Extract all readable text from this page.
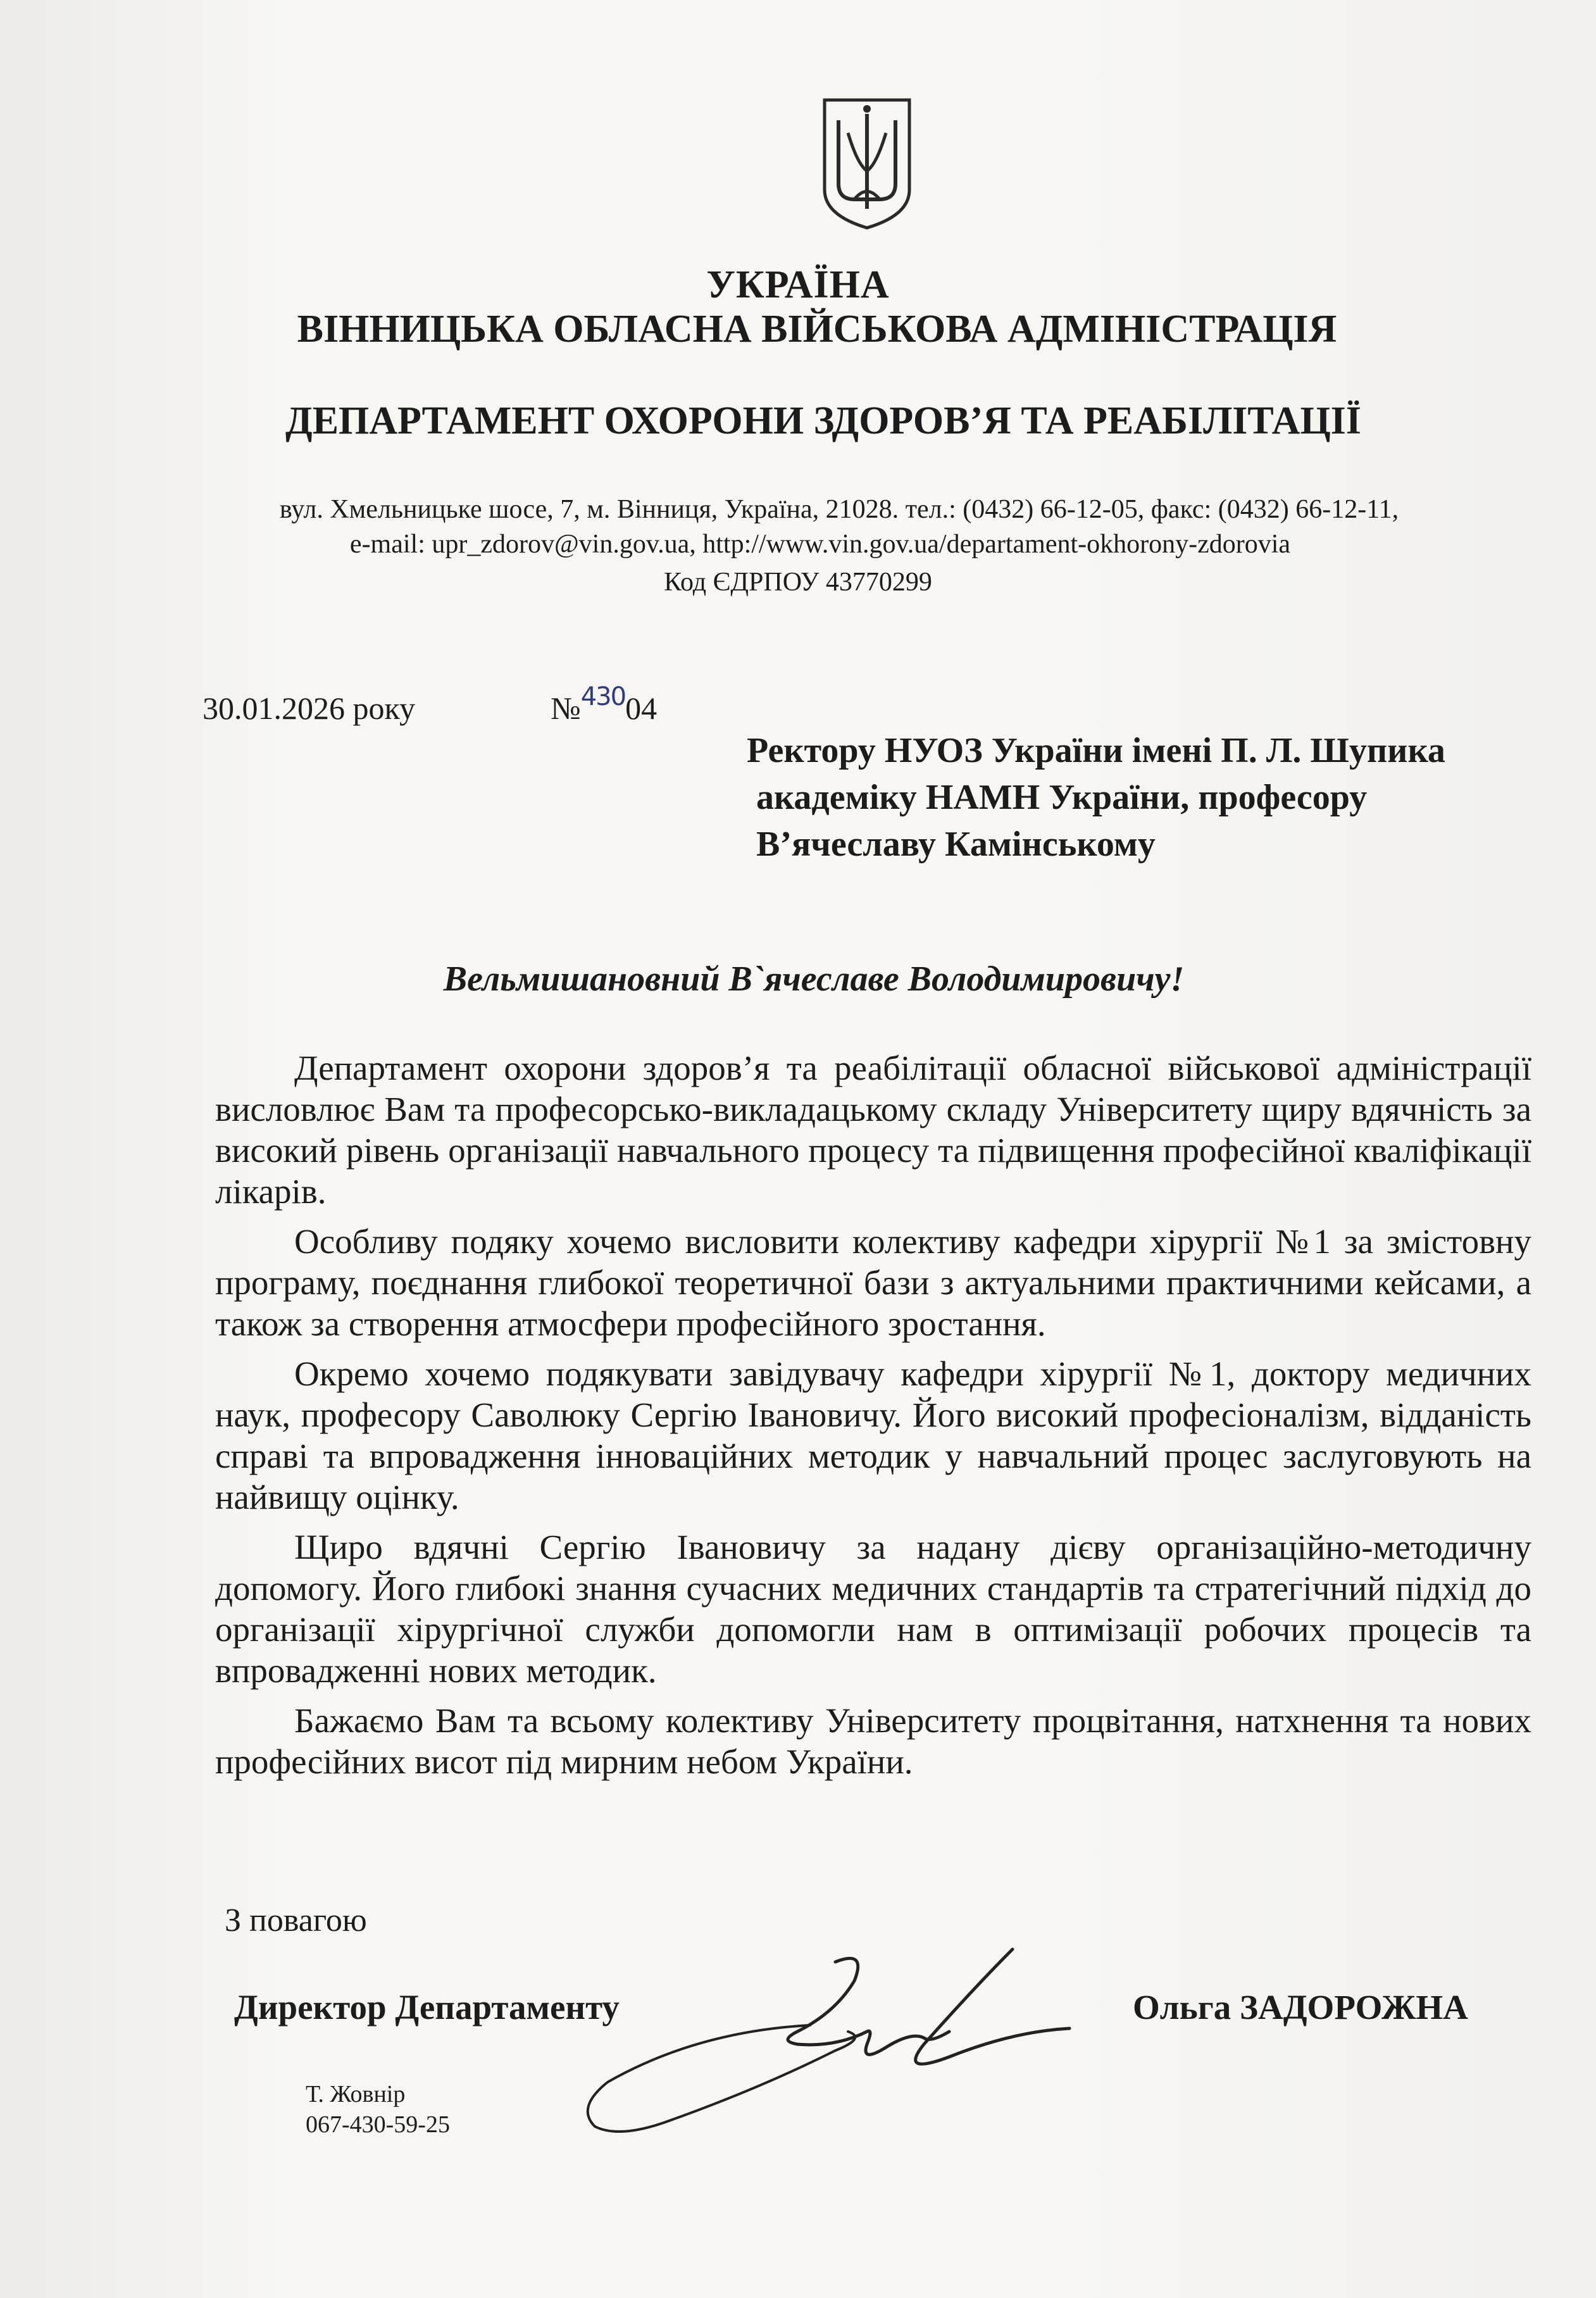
УКРАЇНА
ВІННИЦЬКА ОБЛАСНА ВІЙСЬКОВА АДМІНІСТРАЦІЯ
ДЕПАРТАМЕНТ ОХОРОНИ ЗДОРОВ’Я ТА РЕАБІЛІТАЦІЇ
вул. Хмельницьке шосе, 7, м. Вінниця, Україна, 21028. тел.: (0432) 66-12-05, факс: (0432) 66-12-11,
e-mail: upr_zdorov@vin.gov.ua, http://www.vin.gov.ua/departament-okhorony-zdorovia
Код ЄДРПОУ 43770299
30.01.2026 року	№$^{430}$04
Ректору НУОЗ України імені П. Л. Шупика
академіку НАМН України, професору
В’ячеславу Камінському
Вельмишановний В`ячеславе Володимировичу!

Департамент охорони здоров’я та реабілітації обласної військової адміністрації висловлює Вам та професорсько-викладацькому складу Університету щиру вдячність за високий рівень організації навчального процесу та підвищення професійної кваліфікації лікарів.

Особливу подяку хочемо висловити колективу кафедри хірургії №1 за змістовну програму, поєднання глибокої теоретичної бази з актуальними практичними кейсами, а також за створення атмосфери професійного зростання.

Окремо хочемо подякувати завідувачу кафедри хірургії №1, доктору медичних наук, професору Саволюку Сергію Івановичу. Його високий професіоналізм, відданість справі та впровадження інноваційних методик у навчальний процес заслуговують на найвищу оцінку.

Щиро вдячні Сергію Івановичу за надану дієву організаційно-методичну допомогу. Його глибокі знання сучасних медичних стандартів та стратегічний підхід до організації хірургічної служби допомогли нам в оптимізації робочих процесів та впровадженні нових методик.

Бажаємо Вам та всьому колективу Університету процвітання, натхнення та нових професійних висот під мирним небом України.

З повагою
Директор Департаменту	Ольга ЗАДОРОЖНА
Т. Жовнір
067-430-59-25
